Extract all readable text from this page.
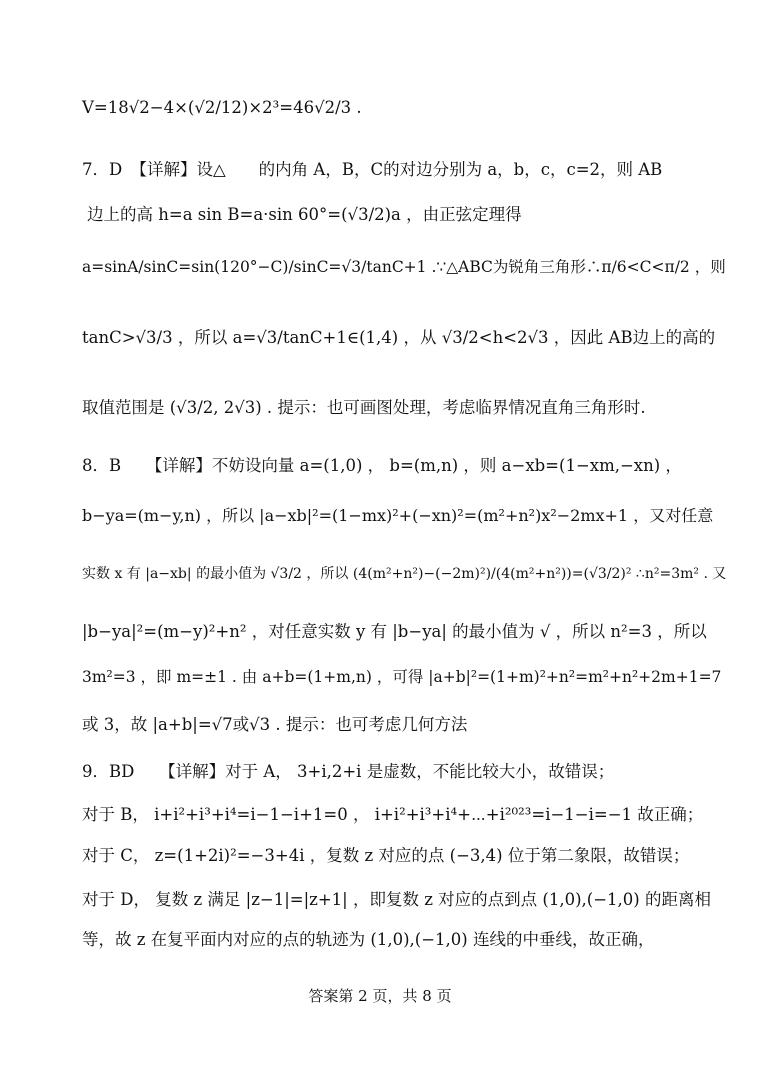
V=18√2−4×(√2/12)×2³=46√2/3 .
7．D　【详解】设△　　的内角 A，B，C的对边分别为 a，b，c，c=2，则 AB
边上的高 h=a sin B=a·sin 60°=(√3/2)a ，由正弦定理得
a=sinA/sinC=sin(120°−C)/sinC=√3/tanC+1 .∵△ABC为锐角三角形∴π/6<C<π/2 ，则
tanC>√3/3 ，所以 a=√3/tanC+1∈(1,4) ，从 √3/2<h<2√3 ，因此 AB边上的高的
取值范围是 (√3/2, 2√3) . 提示：也可画图处理，考虑临界情况直角三角形时.
8．B　　【详解】不妨设向量 a=(1,0) ， b=(m,n) ，则 a−xb=(1−xm,−xn) ，
b−ya=(m−y,n) ，所以 |a−xb|²=(1−mx)²+(−xn)²=(m²+n²)x²−2mx+1 ，又对任意
实数 x 有 |a−xb| 的最小值为 √3/2 ，所以 (4(m²+n²)−(−2m)²)/(4(m²+n²))=(√3/2)² ∴n²=3m² . 又
|b−ya|²=(m−y)²+n² ，对任意实数 y 有 |b−ya| 的最小值为 √ ，所以 n²=3 ，所以
3m²=3 ，即 m=±1 . 由 a+b=(1+m,n) ，可得 |a+b|²=(1+m)²+n²=m²+n²+2m+1=7
或 3，故 |a+b|=√7或√3 . 提示：也可考虑几何方法
9．BD　　【详解】对于 A， 3+i,2+i 是虚数，不能比较大小，故错误；
对于 B， i+i²+i³+i⁴=i−1−i+1=0 ， i+i²+i³+i⁴+⋯+i²⁰²³=i−1−i=−1 故正确；
对于 C， z=(1+2i)²=−3+4i ，复数 z 对应的点 (−3,4) 位于第二象限，故错误；
对于 D， 复数 z 满足 |z−1|=|z+1| ，即复数 z 对应的点到点 (1,0),(−1,0) 的距离相
等，故 z 在复平面内对应的点的轨迹为 (1,0),(−1,0) 连线的中垂线，故正确，
答案第 2 页，共 8 页
